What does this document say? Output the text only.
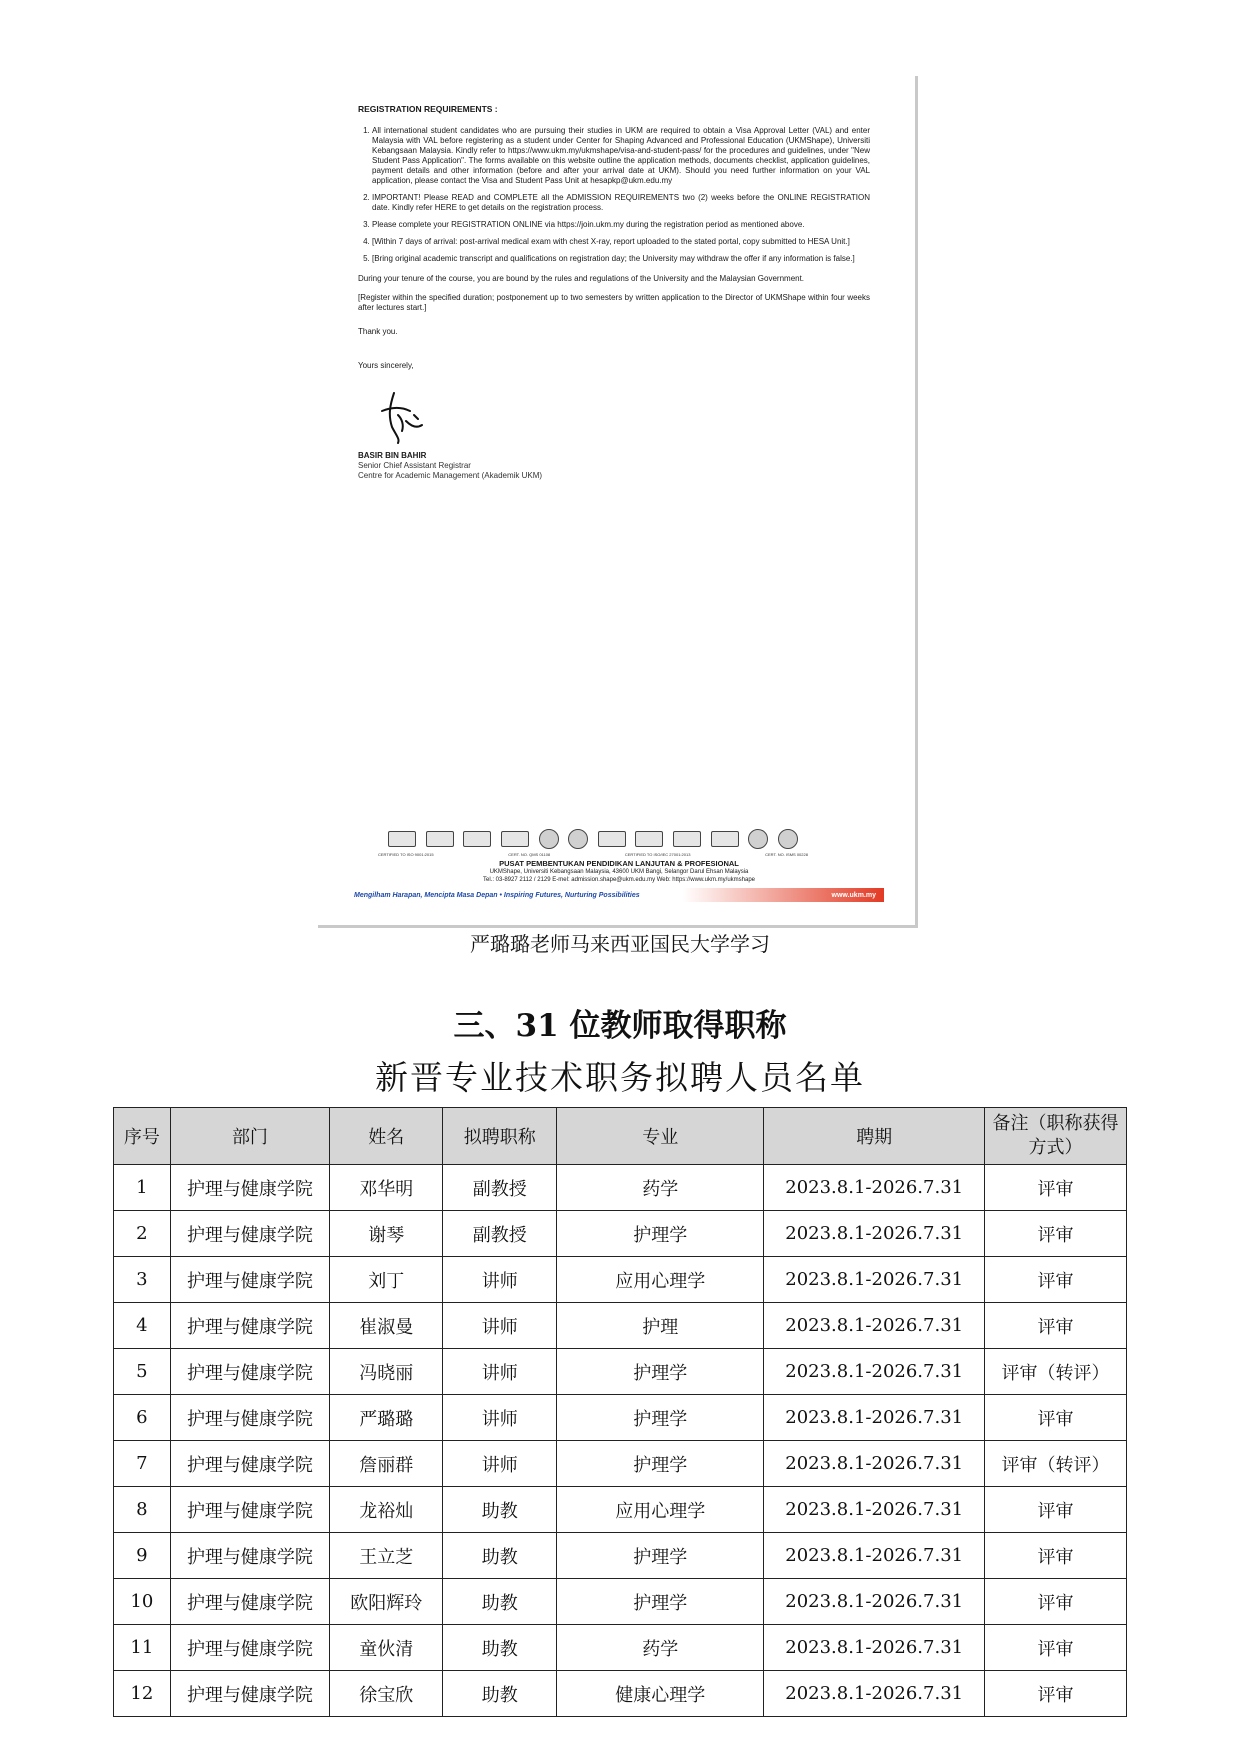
REGISTRATION REQUIREMENTS :
1. All international student candidates who are pursuing their studies in UKM are required to obtain a Visa Approval Letter (VAL) and enter Malaysia with VAL before registering as a student under Center for Shaping Advanced and Professional Education (UKMShape), Universiti Kebangsaan Malaysia. Kindly refer to https://www.ukm.my/ukmshape/visa-and-student-pass/ for the procedures and guidelines, under "New Student Pass Application". The forms available on this website outline the application methods, documents checklist, application guidelines, payment details and other information (before and after your arrival date at UKM). Should you need further information on your VAL application, please contact the Visa and Student Pass Unit at hesapkp@ukm.edu.my
2. IMPORTANT! Please READ and COMPLETE all the ADMISSION REQUIREMENTS two (2) weeks before the ONLINE REGISTRATION date. Kindly refer HERE to get details on the registration process.
3. Please complete your REGISTRATION ONLINE via https://join.ukm.my during the registration period as mentioned above.
4. [Within 7 days of arrival: post-arrival medical exam with chest X-ray, report uploaded to the stated portal, copy submitted to HESA Unit.]
5. [Bring original academic transcript and qualifications on registration day; the University may withdraw the offer if any information is false.]

During your tenure of the course, you are bound by the rules and regulations of the University and the Malaysian Government.

[Register within the specified duration; postponement up to two semesters by written application to the Director of UKMShape within four weeks after lectures start.]

Thank you.

Yours sincerely,

BASIR BIN BAHIR
Senior Chief Assistant Registrar
Centre for Academic Management (Akademik UKM)
CERTIFIED TO ISO 9001:2015	CERT. NO. QMS 01108	CERTIFIED TO ISO/IEC 27001:2013	CERT. NO. ISMS 00228
PUSAT PEMBENTUKAN PENDIDIKAN LANJUTAN & PROFESIONAL
UKMShape, Universiti Kebangsaan Malaysia, 43600 UKM Bangi, Selangor Darul Ehsan Malaysia
Tel.: 03-8927 2112 / 2129 E-mel: admission.shape@ukm.edu.my Web: https://www.ukm.my/ukmshape
Mengilham Harapan, Mencipta Masa Depan • Inspiring Futures, Nurturing Possibilities	www.ukm.my
严璐璐老师马来西亚国民大学学习
三、31 位教师取得职称
新晋专业技术职务拟聘人员名单
序号	部门	姓名	拟聘职称	专业	聘期	备注（职称获得方式）
1	护理与健康学院	邓华明	副教授	药学	2023.8.1-2026.7.31	评审
2	护理与健康学院	谢琴	副教授	护理学	2023.8.1-2026.7.31	评审
3	护理与健康学院	刘丁	讲师	应用心理学	2023.8.1-2026.7.31	评审
4	护理与健康学院	崔淑曼	讲师	护理	2023.8.1-2026.7.31	评审
5	护理与健康学院	冯晓丽	讲师	护理学	2023.8.1-2026.7.31	评审（转评）
6	护理与健康学院	严璐璐	讲师	护理学	2023.8.1-2026.7.31	评审
7	护理与健康学院	詹丽群	讲师	护理学	2023.8.1-2026.7.31	评审（转评）
8	护理与健康学院	龙裕灿	助教	应用心理学	2023.8.1-2026.7.31	评审
9	护理与健康学院	王立芝	助教	护理学	2023.8.1-2026.7.31	评审
10	护理与健康学院	欧阳辉玲	助教	护理学	2023.8.1-2026.7.31	评审
11	护理与健康学院	童伙清	助教	药学	2023.8.1-2026.7.31	评审
12	护理与健康学院	徐宝欣	助教	健康心理学	2023.8.1-2026.7.31	评审
